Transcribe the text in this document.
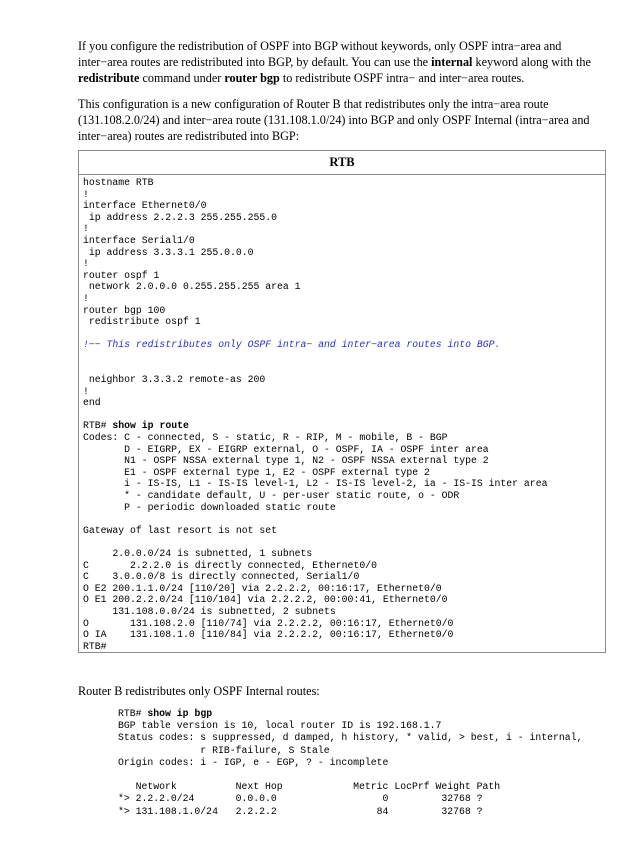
If you configure the redistribution of OSPF into BGP without keywords, only OSPF intra−area and inter−area routes are redistributed into BGP, by default. You can use the internal keyword along with the redistribute command under router bgp to redistribute OSPF intra− and inter−area routes.

This configuration is a new configuration of Router B that redistributes only the intra−area route (131.108.2.0/24) and inter−area route (131.108.1.0/24) into BGP and only OSPF Internal (intra−area and inter−area) routes are redistributed into BGP:

RTB
hostname RTB
!
interface Ethernet0/0
ip address 2.2.2.3 255.255.255.0
!
interface Serial1/0
ip address 3.3.3.1 255.0.0.0
!
router ospf 1
network 2.0.0.0 0.255.255.255 area 1
!
router bgp 100
redistribute ospf 1

!−− This redistributes only OSPF intra− and inter−area routes into BGP.

neighbor 3.3.3.2 remote-as 200
!
end

RTB# show ip route
Codes: C - connected, S - static, R - RIP, M - mobile, B - BGP
D - EIGRP, EX - EIGRP external, O - OSPF, IA - OSPF inter area
N1 - OSPF NSSA external type 1, N2 - OSPF NSSA external type 2
E1 - OSPF external type 1, E2 - OSPF external type 2
i - IS-IS, L1 - IS-IS level-1, L2 - IS-IS level-2, ia - IS-IS inter area
* - candidate default, U - per-user static route, o - ODR
P - periodic downloaded static route

Gateway of last resort is not set

2.0.0.0/24 is subnetted, 1 subnets
C       2.2.2.0 is directly connected, Ethernet0/0
C    3.0.0.0/8 is directly connected, Serial1/0
O E2 200.1.1.0/24 [110/20] via 2.2.2.2, 00:16:17, Ethernet0/0
O E1 200.2.2.0/24 [110/104] via 2.2.2.2, 00:00:41, Ethernet0/0
131.108.0.0/24 is subnetted, 2 subnets
O       131.108.2.0 [110/74] via 2.2.2.2, 00:16:17, Ethernet0/0
O IA    131.108.1.0 [110/84] via 2.2.2.2, 00:16:17, Ethernet0/0
RTB#

Router B redistributes only OSPF Internal routes:

RTB# show ip bgp
BGP table version is 10, local router ID is 192.168.1.7
Status codes: s suppressed, d damped, h history, * valid, > best, i - internal,
r RIB-failure, S Stale
Origin codes: i - IGP, e - EGP, ? - incomplete

Network          Next Hop            Metric LocPrf Weight Path
*> 2.2.2.0/24       0.0.0.0                  0         32768 ?
*> 131.108.1.0/24   2.2.2.2                 84         32768 ?
